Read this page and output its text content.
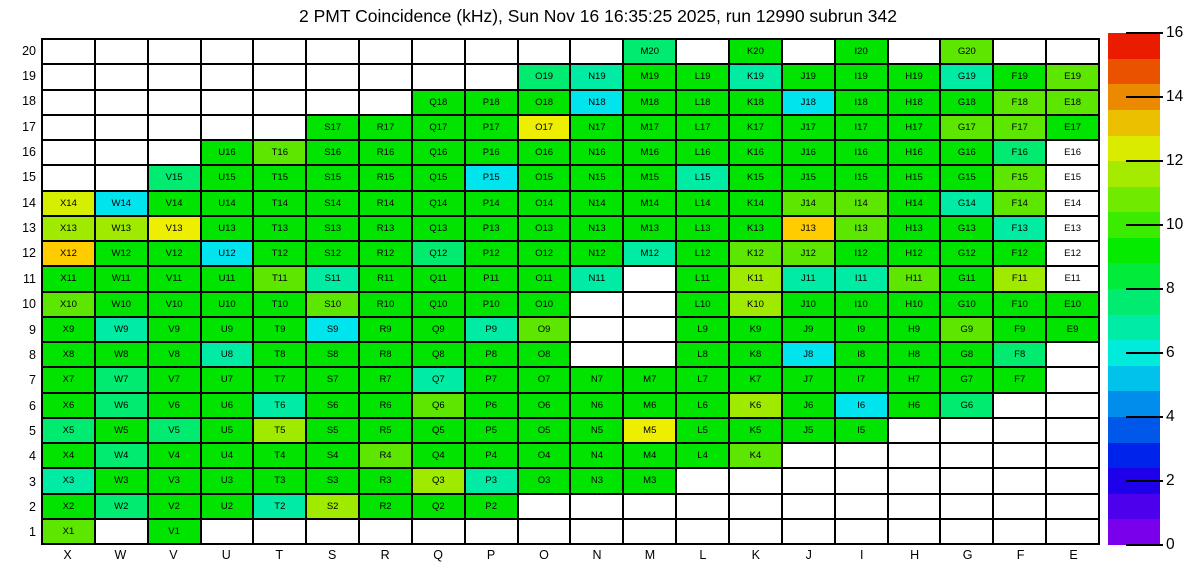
2 PMT Coincidence (kHz), Sun Nov 16 16:35:25 2025, run 12990 subrun 342
M20	K20	I20	G20
O19	N19	M19	L19	K19	J19	I19	H19	G19	F19	E19
Q18	P18	O18	N18	M18	L18	K18	J18	I18	H18	G18	F18	E18
S17	R17	Q17	P17	O17	N17	M17	L17	K17	J17	I17	H17	G17	F17	E17
U16	T16	S16	R16	Q16	P16	O16	N16	M16	L16	K16	J16	I16	H16	G16	F16	E16
V15	U15	T15	S15	R15	Q15	P15	O15	N15	M15	L15	K15	J15	I15	H15	G15	F15	E15
X14	W14	V14	U14	T14	S14	R14	Q14	P14	O14	N14	M14	L14	K14	J14	I14	H14	G14	F14	E14
X13	W13	V13	U13	T13	S13	R13	Q13	P13	O13	N13	M13	L13	K13	J13	I13	H13	G13	F13	E13
X12	W12	V12	U12	T12	S12	R12	Q12	P12	O12	N12	M12	L12	K12	J12	I12	H12	G12	F12	E12
X11	W11	V11	U11	T11	S11	R11	Q11	P11	O11	N11	L11	K11	J11	I11	H11	G11	F11	E11
X10	W10	V10	U10	T10	S10	R10	Q10	P10	O10	L10	K10	J10	I10	H10	G10	F10	E10
X9	W9	V9	U9	T9	S9	R9	Q9	P9	O9	L9	K9	J9	I9	H9	G9	F9	E9
X8	W8	V8	U8	T8	S8	R8	Q8	P8	O8	L8	K8	J8	I8	H8	G8	F8
X7	W7	V7	U7	T7	S7	R7	Q7	P7	O7	N7	M7	L7	K7	J7	I7	H7	G7	F7
X6	W6	V6	U6	T6	S6	R6	Q6	P6	O6	N6	M6	L6	K6	J6	I6	H6	G6
X5	W5	V5	U5	T5	S5	R5	Q5	P5	O5	N5	M5	L5	K5	J5	I5
X4	W4	V4	U4	T4	S4	R4	Q4	P4	O4	N4	M4	L4	K4
X3	W3	V3	U3	T3	S3	R3	Q3	P3	O3	N3	M3
X2	W2	V2	U2	T2	S2	R2	Q2	P2
X1	V1
20
19
18
17
16
15
14
13
12
11
10
9
8
7
6
5
4
3
2
1
X	W	V	U	T	S	R	Q	P	O	N	M	L	K	J	I	H	G	F	E
0
2
4
6
8
10
12
14
16
